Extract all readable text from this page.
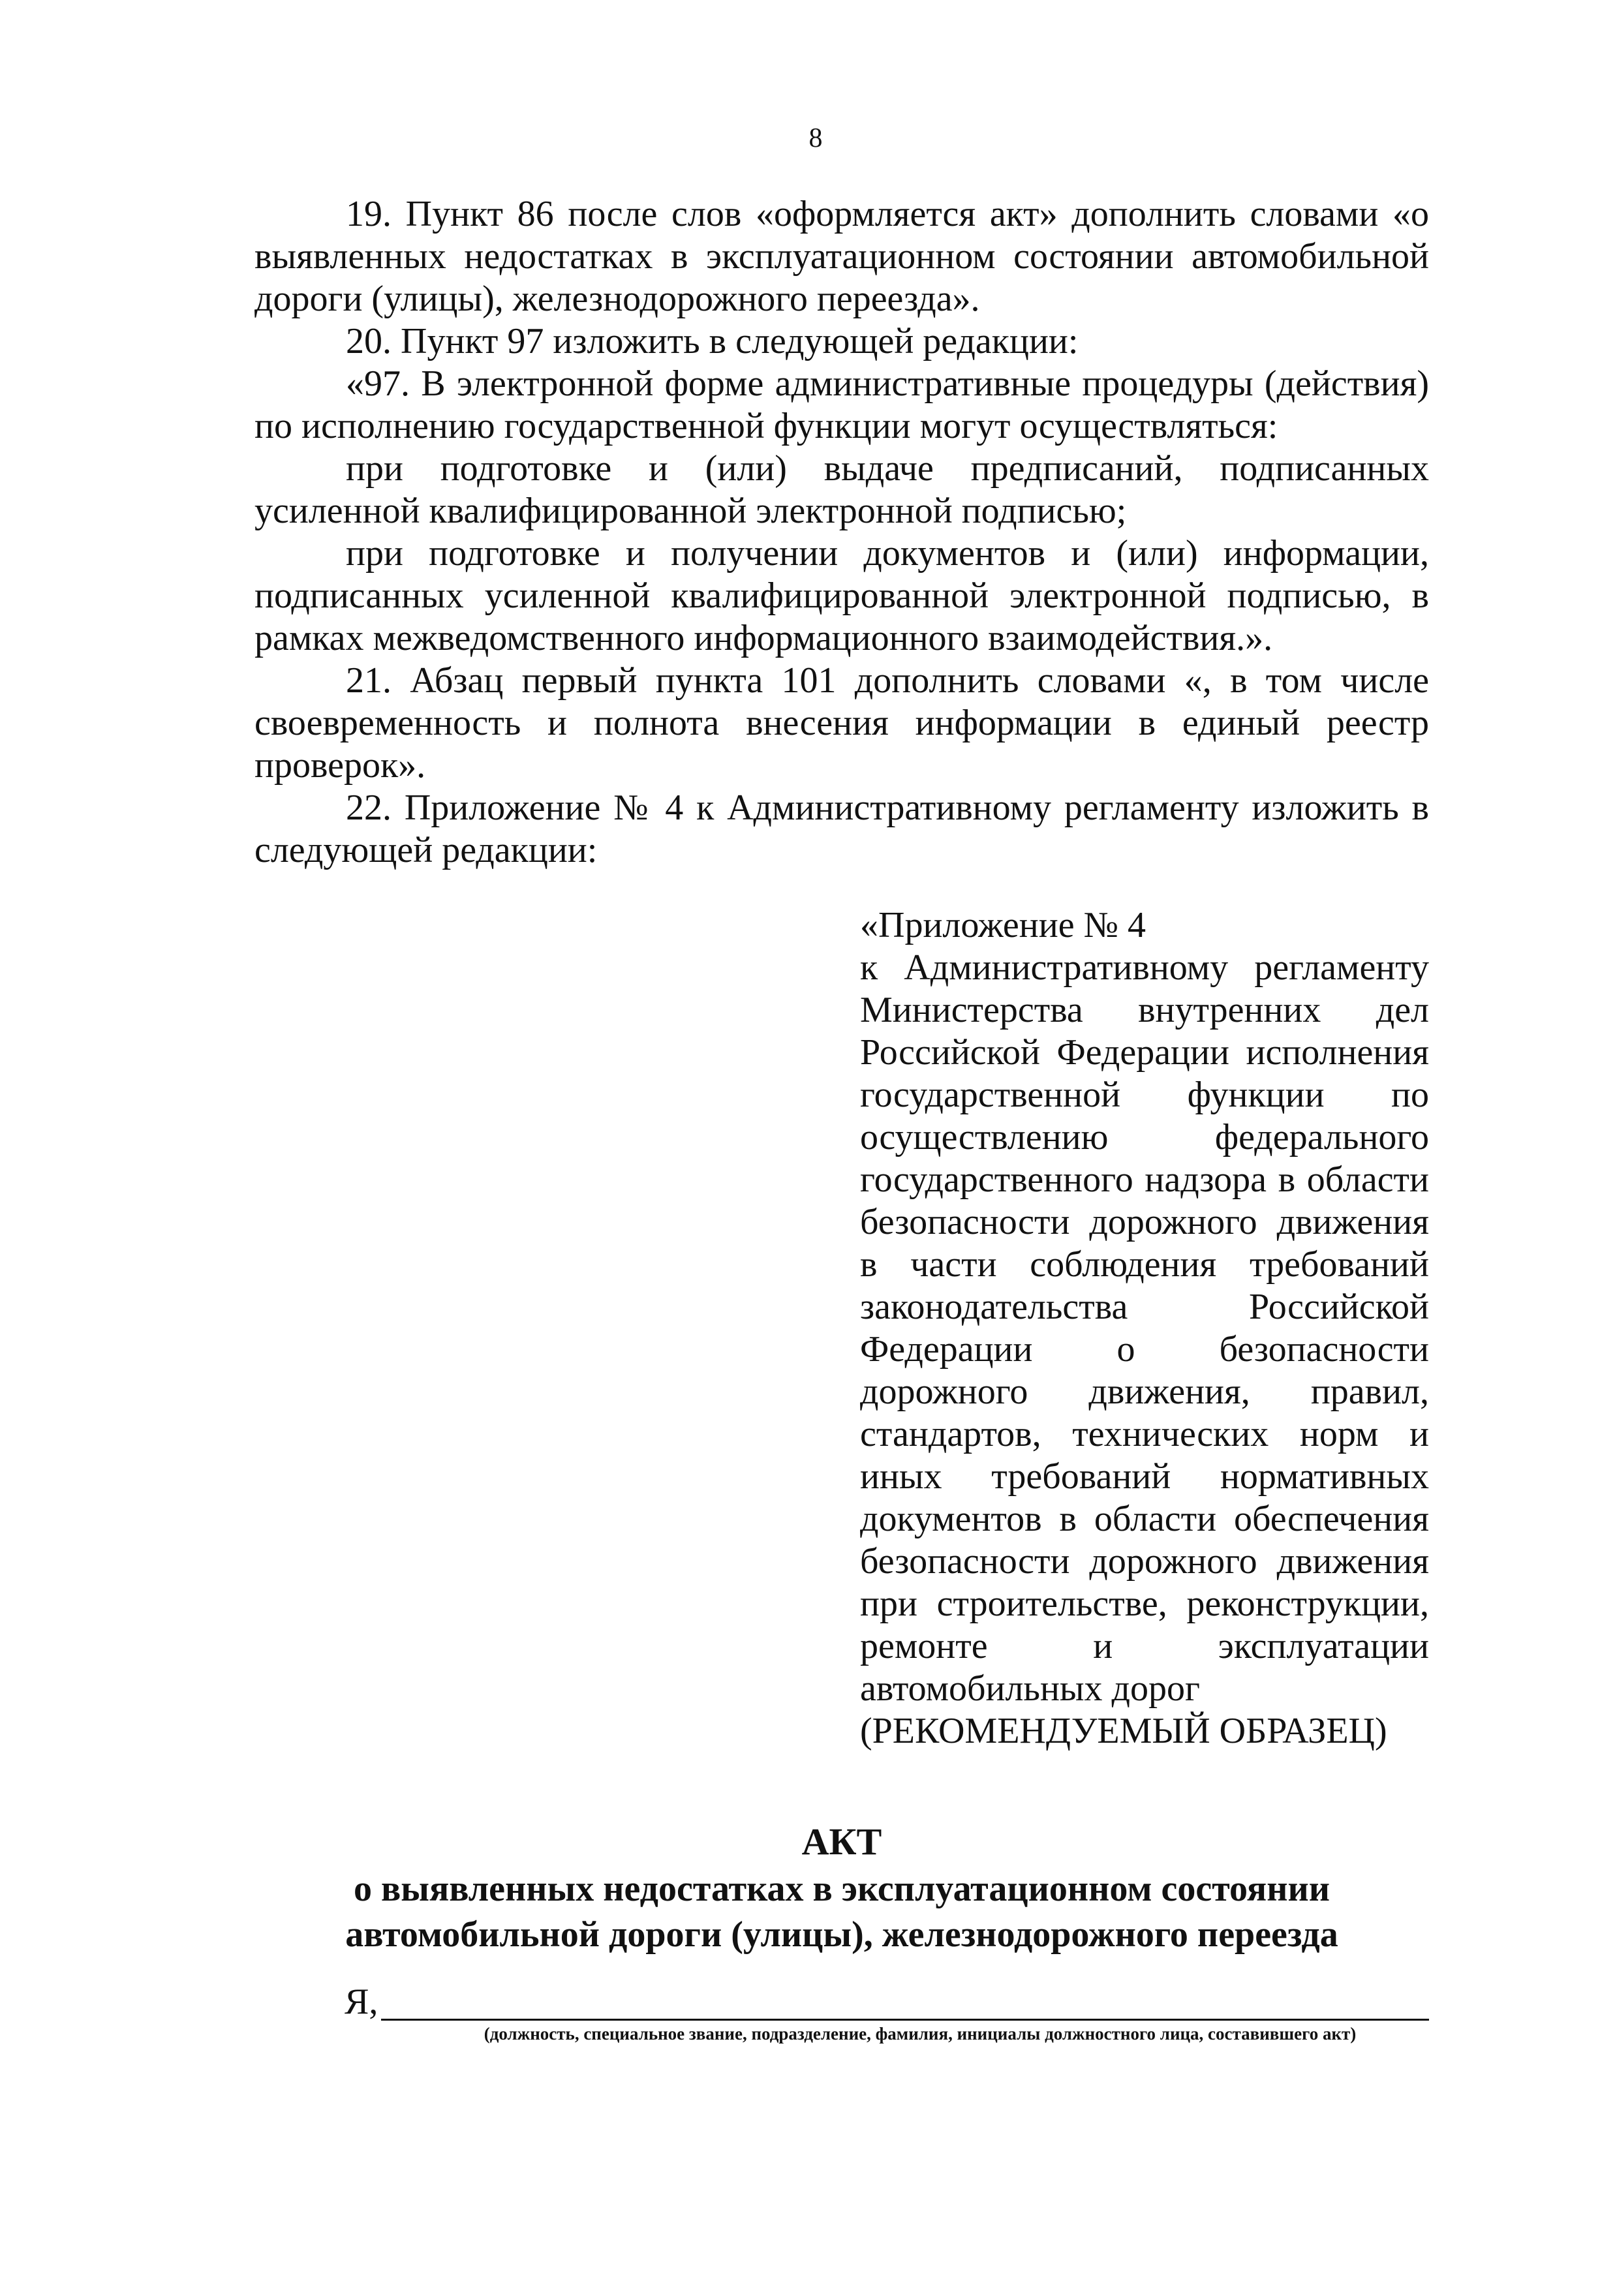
8

19. Пункт 86 после слов «оформляется акт» дополнить словами «о выявленных недостатках в эксплуатационном состоянии автомобильной дороги (улицы), железнодорожного переезда».

20. Пункт 97 изложить в следующей редакции:

«97. В электронной форме административные процедуры (действия) по исполнению государственной функции могут осуществляться:

при подготовке и (или) выдаче предписаний, подписанных усиленной квалифицированной электронной подписью;

при подготовке и получении документов и (или) информации, подписанных усиленной квалифицированной электронной подписью, в рамках межведомственного информационного взаимодействия.».

21. Абзац первый пункта 101 дополнить словами «, в том числе своевременность и полнота внесения информации в единый реестр проверок».

22. Приложение № 4 к Административному регламенту изложить в следующей редакции:

«Приложение № 4

к Административному регламенту Министерства внутренних дел Российской Федерации исполнения государственной функции по осуществлению федерального государственного надзора в области безопасности дорожного движения в части соблюдения требований законодательства Российской Федерации о безопасности дорожного движения, правил, стандартов, технических норм и иных требований нормативных документов в области обеспечения безопасности дорожного движения при строительстве, реконструкции, ремонте и эксплуатации автомобильных дорог

(РЕКОМЕНДУЕМЫЙ ОБРАЗЕЦ)

АКТ

о выявленных недостатках в эксплуатационном состоянии

автомобильной дороги (улицы), железнодорожного переезда

Я,
(должность, специальное звание, подразделение, фамилия, инициалы должностного лица, составившего акт)
